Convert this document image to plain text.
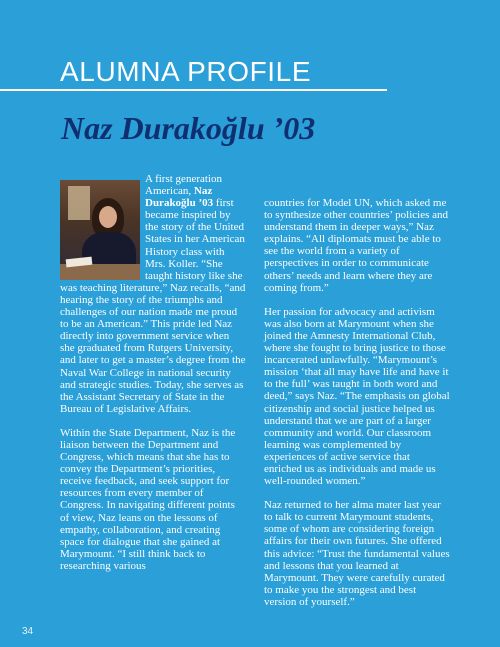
ALUMNA PROFILE
Naz Durakoğlu ’03

A first generation American, Naz Durakoğlu ’03 first became inspired by the story of the United States in her American History class with Mrs. Koller. “She taught history like she was teaching literature,” Naz recalls, “and hearing the story of the triumphs and challenges of our nation made me proud to be an American.” This pride led Naz directly into government service when she graduated from Rutgers University, and later to get a master’s degree from the Naval War College in national security and strategic studies. Today, she serves as the Assistant Secretary of State in the Bureau of Legislative Affairs.

Within the State Department, Naz is the liaison between the Department and Congress, which means that she has to convey the Department’s priorities, receive feedback, and seek support for resources from every member of Congress. In navigating different points of view, Naz leans on the lessons of empathy, collaboration, and creating space for dialogue that she gained at Marymount. “I still think back to researching various

countries for Model UN, which asked me to synthesize other countries’ policies and understand them in deeper ways,” Naz explains. “All diplomats must be able to see the world from a variety of perspectives in order to communicate others’ needs and learn where they are coming from.”

Her passion for advocacy and activism was also born at Marymount when she joined the Amnesty International Club, where she fought to bring justice to those incarcerated unlawfully. “Marymount’s mission ‘that all may have life and have it to the full’ was taught in both word and deed,” says Naz. “The emphasis on global citizenship and social justice helped us understand that we are part of a larger community and world. Our classroom learning was complemented by experiences of active service that enriched us as individuals and made us well-rounded women.”

Naz returned to her alma mater last year to talk to current Marymount students, some of whom are considering foreign affairs for their own futures. She offered this advice: “Trust the fundamental values and lessons that you learned at Marymount. They were carefully curated to make you the strongest and best version of yourself.”

34
